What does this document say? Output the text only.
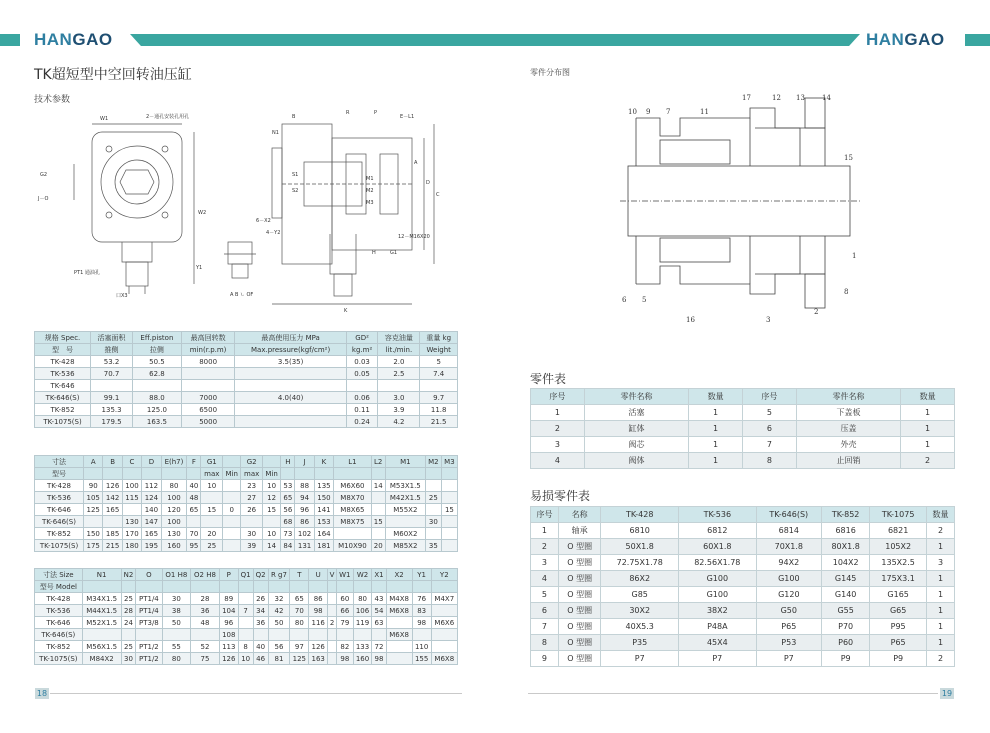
HANGAO	HANGAO
TK超短型中空回转油压缸
技术参数
W1	2－通孔安装孔用孔
G2
J－O
W2
Y1
PT1 通油孔
口X3
N1
B
R	P
E－L1
S1
S2
M1
M2
M3
D
C
A
H	G1
K
6－X2
4－Y2
12－M16X20
A B ㄴ OF
规格 Spec.	活塞面积	Eff.piston	最高回转数	最高使用压力 MPa	GD²	容克油量	重量 kg
型　号	推侧	拉侧	min(r.p.m)	Max.pressure(kgf/cm²)	kg.m²	lit./min.	Weight
TK-428	53.2	50.5	8000	3.5(35)	0.03	2.0	5
TK-536	70.7	62.8			0.05	2.5	7.4
TK-646							
TK-646(S)	99.1	88.0	7000	4.0(40)	0.06	3.0	9.7
TK-852	135.3	125.0	6500		0.11	3.9	11.8
TK-1075(S)	179.5	163.5	5000		0.24	4.2	21.5
寸法	A	B	C	D	E(h7)	F	G1		G2		H	J	K	L1	L2	M1	M2	M3
型号							max	Min	max	Min								
TK-428	90	126	100	112	80	40	10		23	10	53	88	135	M6X60	14	M53X1.5		
TK-536	105	142	115	124	100	48			27	12	65	94	150	M8X70		M42X1.5	25	
TK-646	125	165		140	120	65	15	0	26	15	56	96	141	M8X65		M55X2		15
TK-646(S)			130	147	100						68	86	153	M8X75	15		30	
TK-852	150	185	170	165	130	70	20		30	10	73	102	164			M60X2		
TK-1075(S)	175	215	180	195	160	95	25		39	14	84	131	181	M10X90	20	M85X2	35	
寸法 Size	N1	N2	O	O1 H8	O2 H8	P	Q1	Q2	R g7	T	U	V	W1	W2	X1	X2	Y1	Y2
型号 Model																		
TK-428	M34X1.5	25	PT1/4	30	28	89		26	32	65	86		60	80	43	M4X8	76	M4X7
TK-536	M44X1.5	28	PT1/4	38	36	104	7	34	42	70	98		66	106	54	M6X8	83	
TK-646	M52X1.5	24	PT3/8	50	48	96		36	50	80	116	2	79	119	63		98	M6X6
TK-646(S)						108										M6X8		
TK-852	M56X1.5	25	PT1/2	55	52	113	8	40	56	97	126		82	133	72		110	
TK-1075(S)	M84X2	30	PT1/2	80	75	126	10	46	81	125	163		98	160	98		155	M6X8
零件分布图
10 9 7	11
17	12 13 14
15
1
6 5
16	3
2
8
零件表
序号	零件名称	数量	序号	零件名称	数量
1	活塞	1	5	下盖板	1
2	缸体	1	6	压盖	1
3	阀芯	1	7	外壳	1
4	阀体	1	8	止回销	2
易损零件表
序号	名称	TK-428	TK-536	TK-646(S)	TK-852	TK-1075	数量
1	轴承	6810	6812	6814	6816	6821	2
2	O 型圈	50X1.8	60X1.8	70X1.8	80X1.8	105X2	1
3	O 型圈	72.75X1.78	82.56X1.78	94X2	104X2	135X2.5	3
4	O 型圈	86X2	G100	G100	G145	175X3.1	1
5	O 型圈	G85	G100	G120	G140	G165	1
6	O 型圈	30X2	38X2	G50	G55	G65	1
7	O 型圈	40X5.3	P48A	P65	P70	P95	1
8	O 型圈	P35	45X4	P53	P60	P65	1
9	O 型圈	P7	P7	P7	P9	P9	2
18	19
